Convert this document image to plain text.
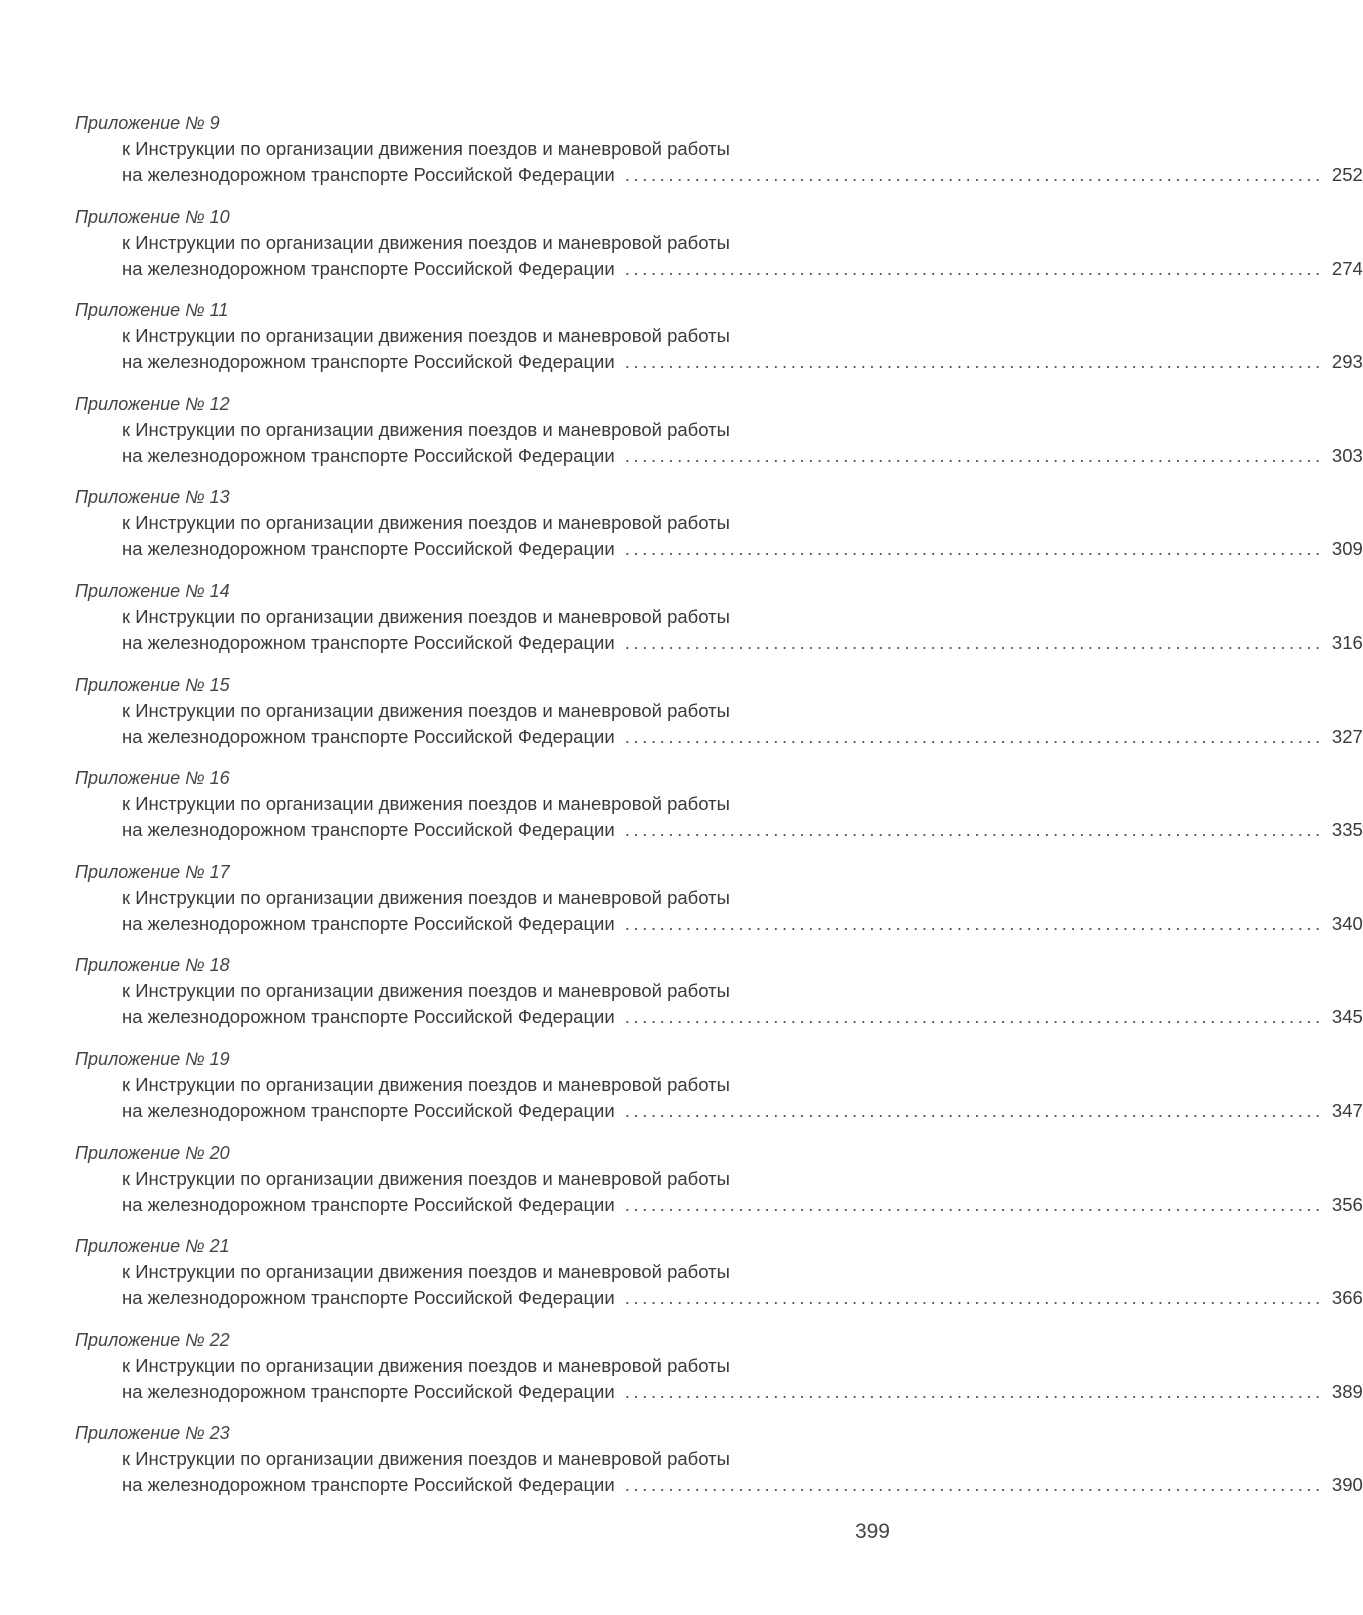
Приложение № 9
к Инструкции по организации движения поездов и маневровой работы
на железнодорожном транспорте Российской Федерации ................................................................................ 252
Приложение № 10
к Инструкции по организации движения поездов и маневровой работы
на железнодорожном транспорте Российской Федерации ................................................................................ 274
Приложение № 11
к Инструкции по организации движения поездов и маневровой работы
на железнодорожном транспорте Российской Федерации ................................................................................ 293
Приложение № 12
к Инструкции по организации движения поездов и маневровой работы
на железнодорожном транспорте Российской Федерации ................................................................................ 303
Приложение № 13
к Инструкции по организации движения поездов и маневровой работы
на железнодорожном транспорте Российской Федерации ................................................................................ 309
Приложение № 14
к Инструкции по организации движения поездов и маневровой работы
на железнодорожном транспорте Российской Федерации ................................................................................ 316
Приложение № 15
к Инструкции по организации движения поездов и маневровой работы
на железнодорожном транспорте Российской Федерации ................................................................................ 327
Приложение № 16
к Инструкции по организации движения поездов и маневровой работы
на железнодорожном транспорте Российской Федерации ................................................................................ 335
Приложение № 17
к Инструкции по организации движения поездов и маневровой работы
на железнодорожном транспорте Российской Федерации ................................................................................ 340
Приложение № 18
к Инструкции по организации движения поездов и маневровой работы
на железнодорожном транспорте Российской Федерации ................................................................................ 345
Приложение № 19
к Инструкции по организации движения поездов и маневровой работы
на железнодорожном транспорте Российской Федерации ................................................................................ 347
Приложение № 20
к Инструкции по организации движения поездов и маневровой работы
на железнодорожном транспорте Российской Федерации ................................................................................ 356
Приложение № 21
к Инструкции по организации движения поездов и маневровой работы
на железнодорожном транспорте Российской Федерации ................................................................................ 366
Приложение № 22
к Инструкции по организации движения поездов и маневровой работы
на железнодорожном транспорте Российской Федерации ................................................................................ 389
Приложение № 23
к Инструкции по организации движения поездов и маневровой работы
на железнодорожном транспорте Российской Федерации ................................................................................ 390
399
